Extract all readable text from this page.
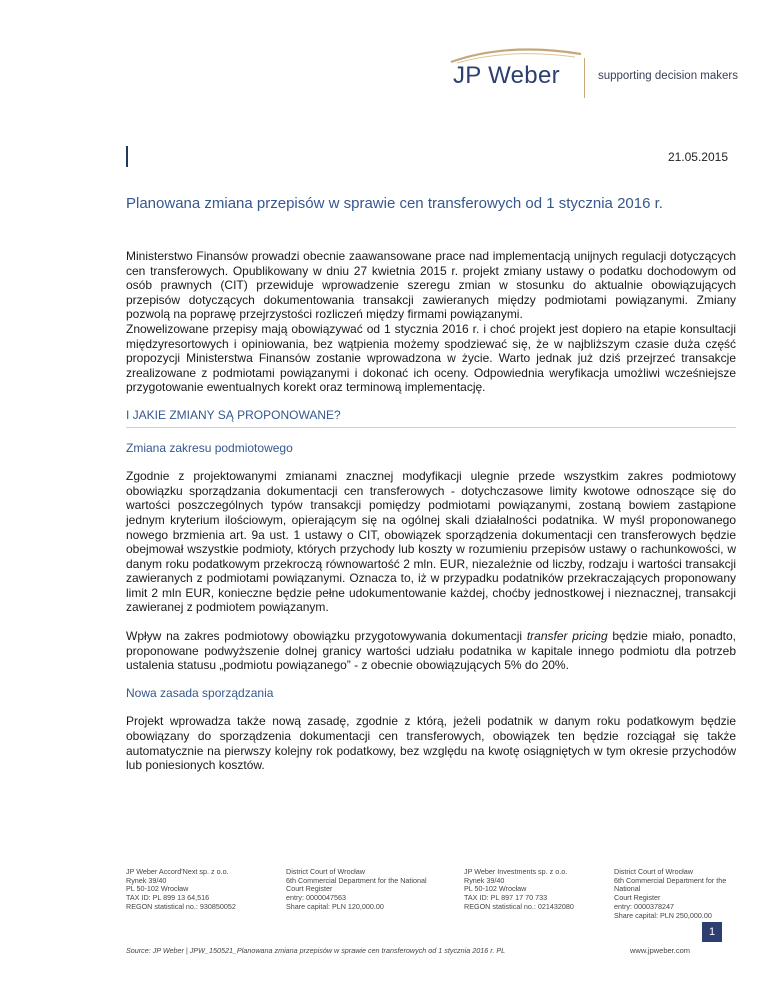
JP Weber	supporting decision makers
21.05.2015
Planowana zmiana przepisów w sprawie cen transferowych od 1 stycznia 2016 r.

Ministerstwo Finansów prowadzi obecnie zaawansowane prace nad implementacją unijnych regulacji dotyczących cen transferowych. Opublikowany w dniu 27 kwietnia 2015 r. projekt zmiany ustawy o podatku dochodowym od osób prawnych (CIT) przewiduje wprowadzenie szeregu zmian w stosunku do aktualnie obowiązujących przepisów dotyczących dokumentowania transakcji zawieranych między podmiotami powiązanymi. Zmiany pozwolą na poprawę przejrzystości rozliczeń między firmami powiązanymi.

Znowelizowane przepisy mają obowiązywać od 1 stycznia 2016 r. i choć projekt jest dopiero na etapie konsultacji międzyresortowych i opiniowania, bez wątpienia możemy spodziewać się, że w najbliższym czasie duża część propozycji Ministerstwa Finansów zostanie wprowadzona w życie. Warto jednak już dziś przejrzeć transakcje zrealizowane z podmiotami powiązanymi i dokonać ich oceny. Odpowiednia weryfikacja umożliwi wcześniejsze przygotowanie ewentualnych korekt oraz terminową implementację.

I JAKIE ZMIANY SĄ PROPONOWANE?

Zmiana zakresu podmiotowego

Zgodnie z projektowanymi zmianami znacznej modyfikacji ulegnie przede wszystkim zakres podmiotowy obowiązku sporządzania dokumentacji cen transferowych - dotychczasowe limity kwotowe odnoszące się do wartości poszczególnych typów transakcji pomiędzy podmiotami powiązanymi, zostaną bowiem zastąpione jednym kryterium ilościowym, opierającym się na ogólnej skali działalności podatnika. W myśl proponowanego nowego brzmienia art. 9a ust. 1 ustawy o CIT, obowiązek sporządzenia dokumentacji cen transferowych będzie obejmował wszystkie podmioty, których przychody lub koszty w rozumieniu przepisów ustawy o rachunkowości, w danym roku podatkowym przekroczą równowartość 2 mln. EUR, niezależnie od liczby, rodzaju i wartości transakcji zawieranych z podmiotami powiązanymi. Oznacza to, iż w przypadku podatników przekraczających proponowany limit 2 mln EUR, konieczne będzie pełne udokumentowanie każdej, choćby jednostkowej i nieznacznej, transakcji zawieranej z podmiotem powiązanym.

Wpływ na zakres podmiotowy obowiązku przygotowywania dokumentacji transfer pricing będzie miało, ponadto, proponowane podwyższenie dolnej granicy wartości udziału podatnika w kapitale innego podmiotu dla potrzeb ustalenia statusu „podmiotu powiązanego” - z obecnie obowiązujących 5% do 20%.

Nowa zasada sporządzania

Projekt wprowadza także nową zasadę, zgodnie z którą, jeżeli podatnik w danym roku podatkowym będzie obowiązany do sporządzenia dokumentacji cen transferowych, obowiązek ten będzie rozciągał się także automatycznie na pierwszy kolejny rok podatkowy, bez względu na kwotę osiągniętych w tym okresie przychodów lub poniesionych kosztów.

JP Weber Accord'Next sp. z o.o.
Rynek 39/40
PL 50-102 Wrocław
TAX ID: PL 899 13 64,516
REGON statistical no.: 930850052
District Court of Wrocław
6th Commercial Department for the National
Court Register
entry: 0000047563
Share capital: PLN 120,000.00
JP Weber Investments sp. z o.o.
Rynek 39/40
PL 50-102 Wrocław
TAX ID: PL 897 17 70 733
REGON statistical no.: 021432080
District Court of Wrocław
6th Commercial Department for the
National
Court Register
entry: 0000378247
Share capital: PLN 250,000.00
1
Source: JP Weber | JPW_150521_Planowana zmiana przepisów w sprawie cen transferowych od 1 stycznia 2016 r. PL	www.jpweber.com
